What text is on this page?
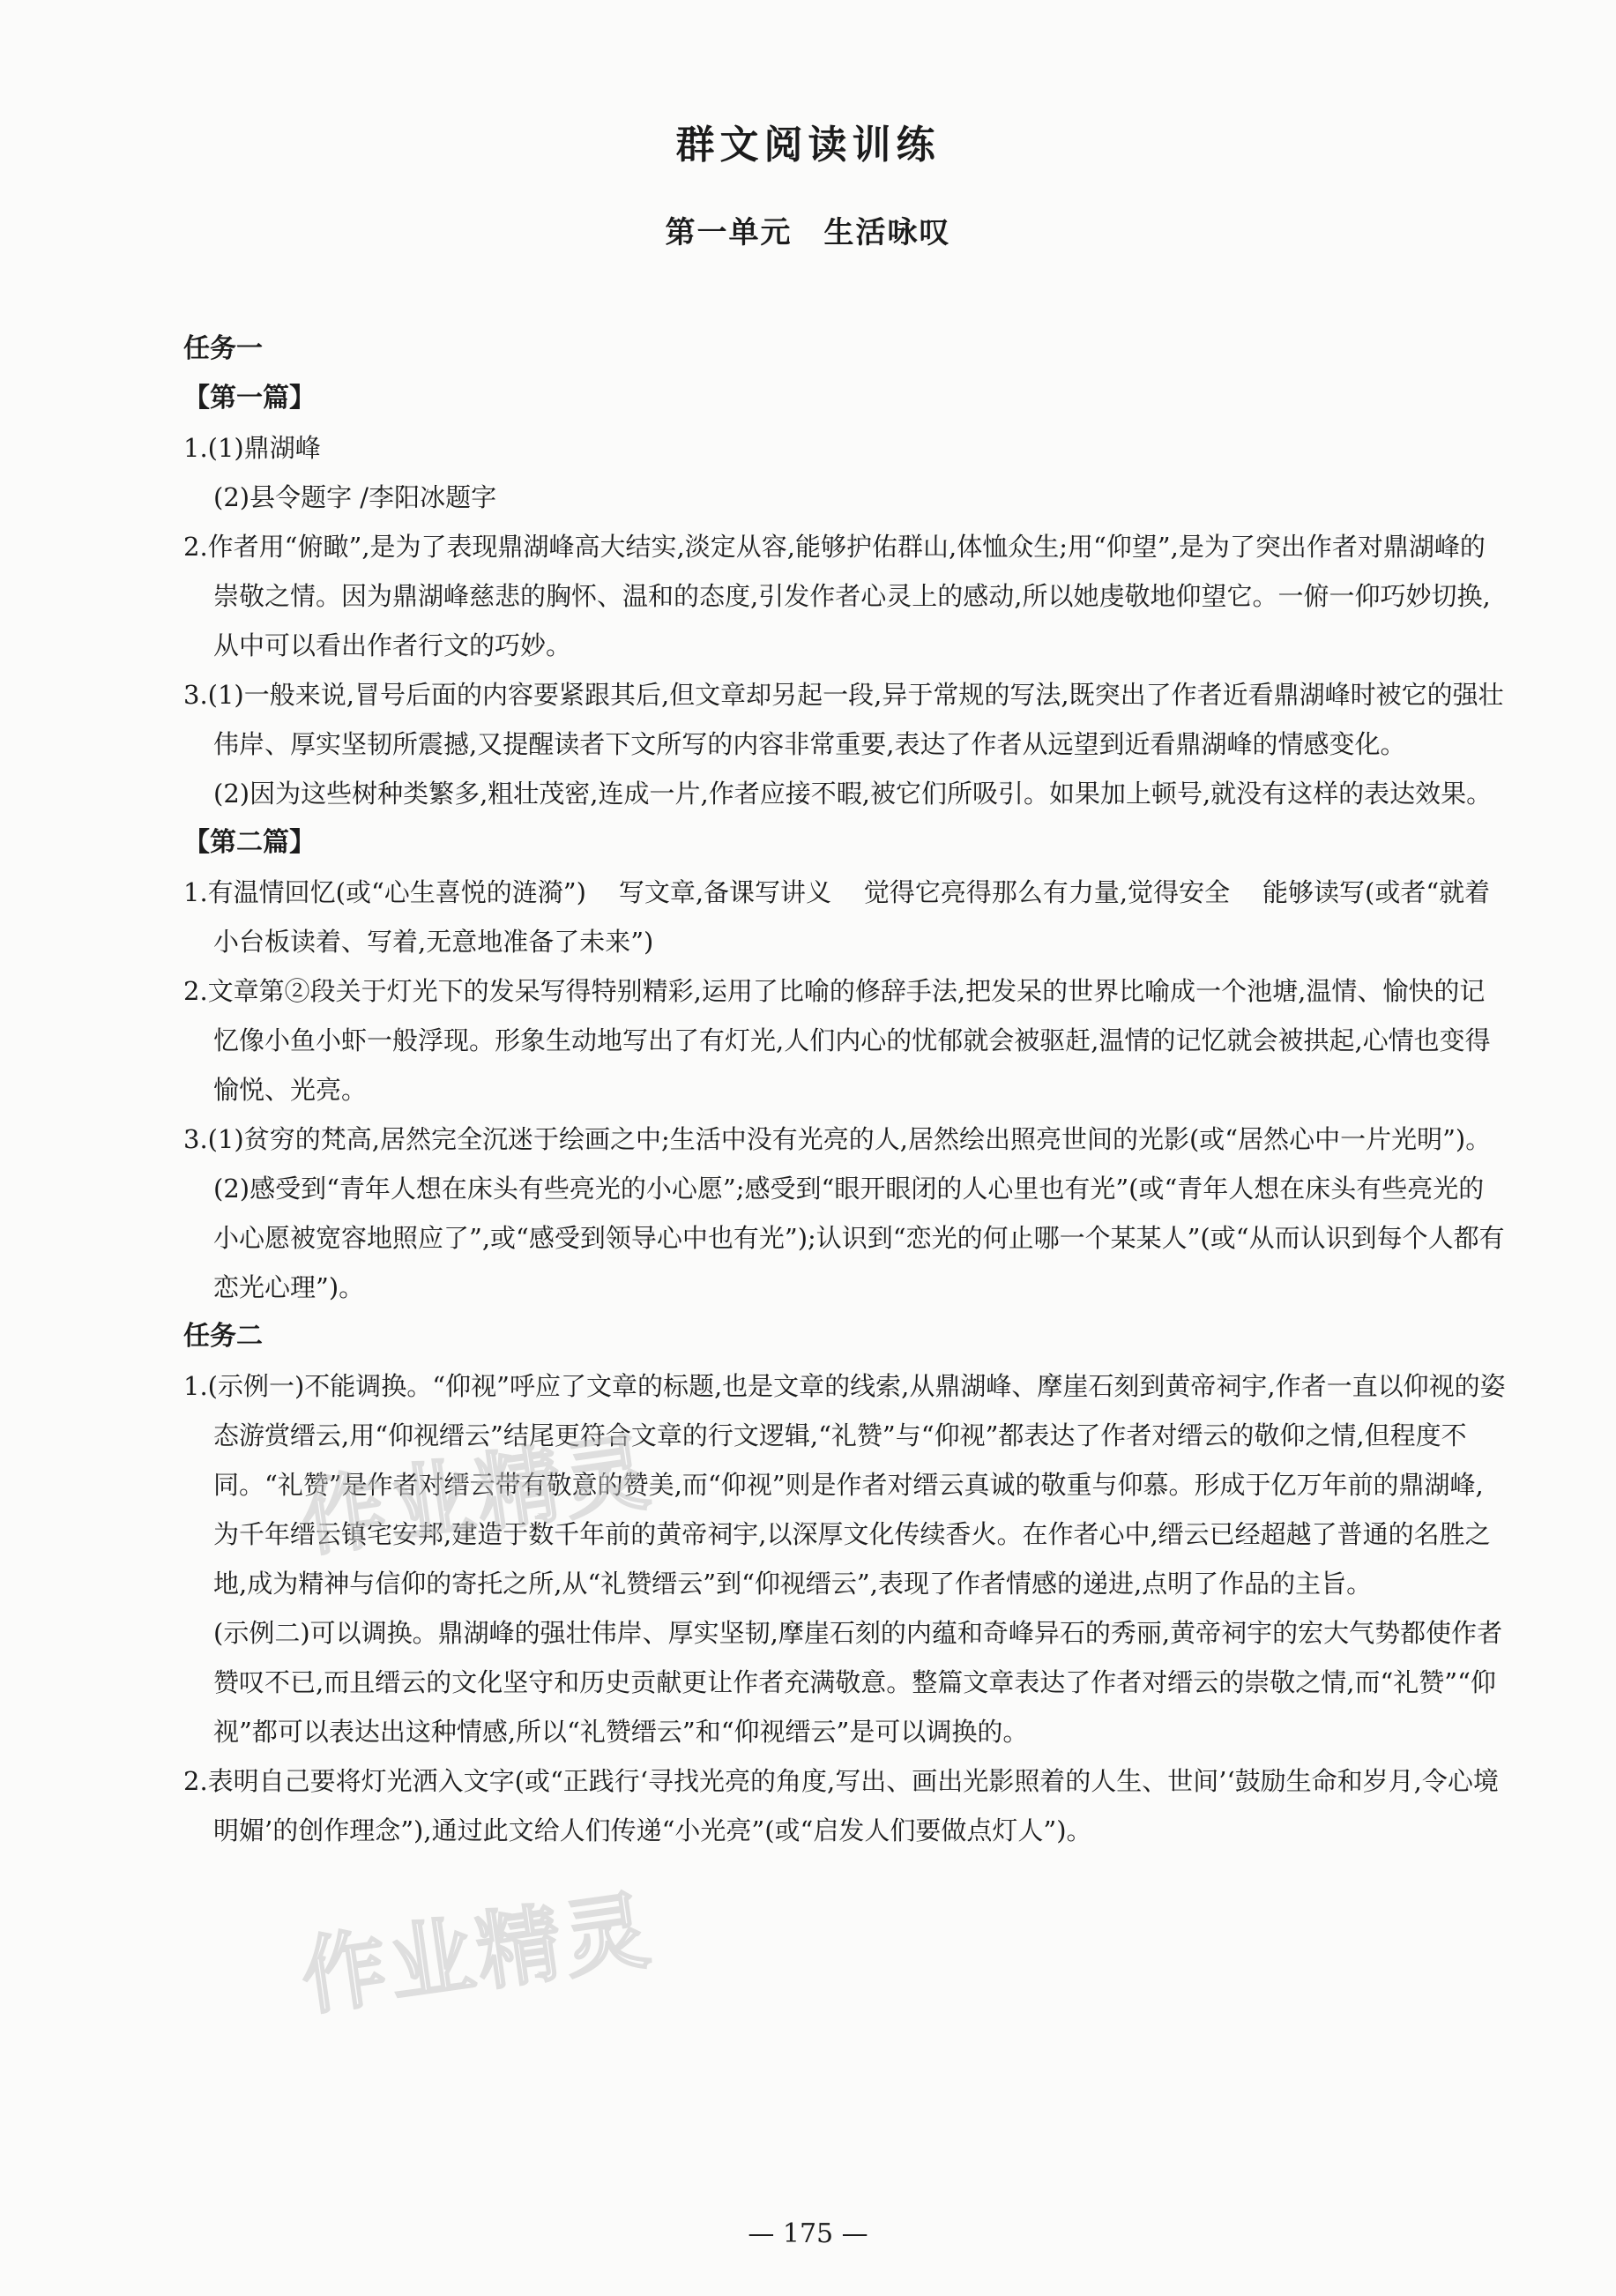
群文阅读训练
第一单元　生活咏叹

任务一

【第一篇】

1.(1)鼎湖峰

(2)县令题字 /李阳冰题字

2.作者用“俯瞰”,是为了表现鼎湖峰高大结实,淡定从容,能够护佑群山,体恤众生;用“仰望”,是为了突出作者对鼎湖峰的崇敬之情。因为鼎湖峰慈悲的胸怀、温和的态度,引发作者心灵上的感动,所以她虔敬地仰望它。一俯一仰巧妙切换,从中可以看出作者行文的巧妙。

3.(1)一般来说,冒号后面的内容要紧跟其后,但文章却另起一段,异于常规的写法,既突出了作者近看鼎湖峰时被它的强壮伟岸、厚实坚韧所震撼,又提醒读者下文所写的内容非常重要,表达了作者从远望到近看鼎湖峰的情感变化。

(2)因为这些树种类繁多,粗壮茂密,连成一片,作者应接不暇,被它们所吸引。如果加上顿号,就没有这样的表达效果。

【第二篇】

1.有温情回忆(或“心生喜悦的涟漪”) 写文章,备课写讲义 觉得它亮得那么有力量,觉得安全 能够读写(或者“就着小台板读着、写着,无意地准备了未来”)

2.文章第②段关于灯光下的发呆写得特别精彩,运用了比喻的修辞手法,把发呆的世界比喻成一个池塘,温情、愉快的记忆像小鱼小虾一般浮现。形象生动地写出了有灯光,人们内心的忧郁就会被驱赶,温情的记忆就会被拱起,心情也变得愉悦、光亮。

3.(1)贫穷的梵高,居然完全沉迷于绘画之中;生活中没有光亮的人,居然绘出照亮世间的光影(或“居然心中一片光明”)。

(2)感受到“青年人想在床头有些亮光的小心愿”;感受到“眼开眼闭的人心里也有光”(或“青年人想在床头有些亮光的小心愿被宽容地照应了”,或“感受到领导心中也有光”);认识到“恋光的何止哪一个某某人”(或“从而认识到每个人都有恋光心理”)。

任务二

1.(示例一)不能调换。“仰视”呼应了文章的标题,也是文章的线索,从鼎湖峰、摩崖石刻到黄帝祠宇,作者一直以仰视的姿态游赏缙云,用“仰视缙云”结尾更符合文章的行文逻辑,“礼赞”与“仰视”都表达了作者对缙云的敬仰之情,但程度不同。“礼赞”是作者对缙云带有敬意的赞美,而“仰视”则是作者对缙云真诚的敬重与仰慕。形成于亿万年前的鼎湖峰,为千年缙云镇宅安邦,建造于数千年前的黄帝祠宇,以深厚文化传续香火。在作者心中,缙云已经超越了普通的名胜之地,成为精神与信仰的寄托之所,从“礼赞缙云”到“仰视缙云”,表现了作者情感的递进,点明了作品的主旨。

(示例二)可以调换。鼎湖峰的强壮伟岸、厚实坚韧,摩崖石刻的内蕴和奇峰异石的秀丽,黄帝祠宇的宏大气势都使作者赞叹不已,而且缙云的文化坚守和历史贡献更让作者充满敬意。整篇文章表达了作者对缙云的崇敬之情,而“礼赞”“仰视”都可以表达出这种情感,所以“礼赞缙云”和“仰视缙云”是可以调换的。

2.表明自己要将灯光洒入文字(或“正践行‘寻找光亮的角度,写出、画出光影照着的人生、世间’‘鼓励生命和岁月,令心境明媚’的创作理念”),通过此文给人们传递“小光亮”(或“启发人们要做点灯人”)。

作业精灵
作业精灵
— 175 —
